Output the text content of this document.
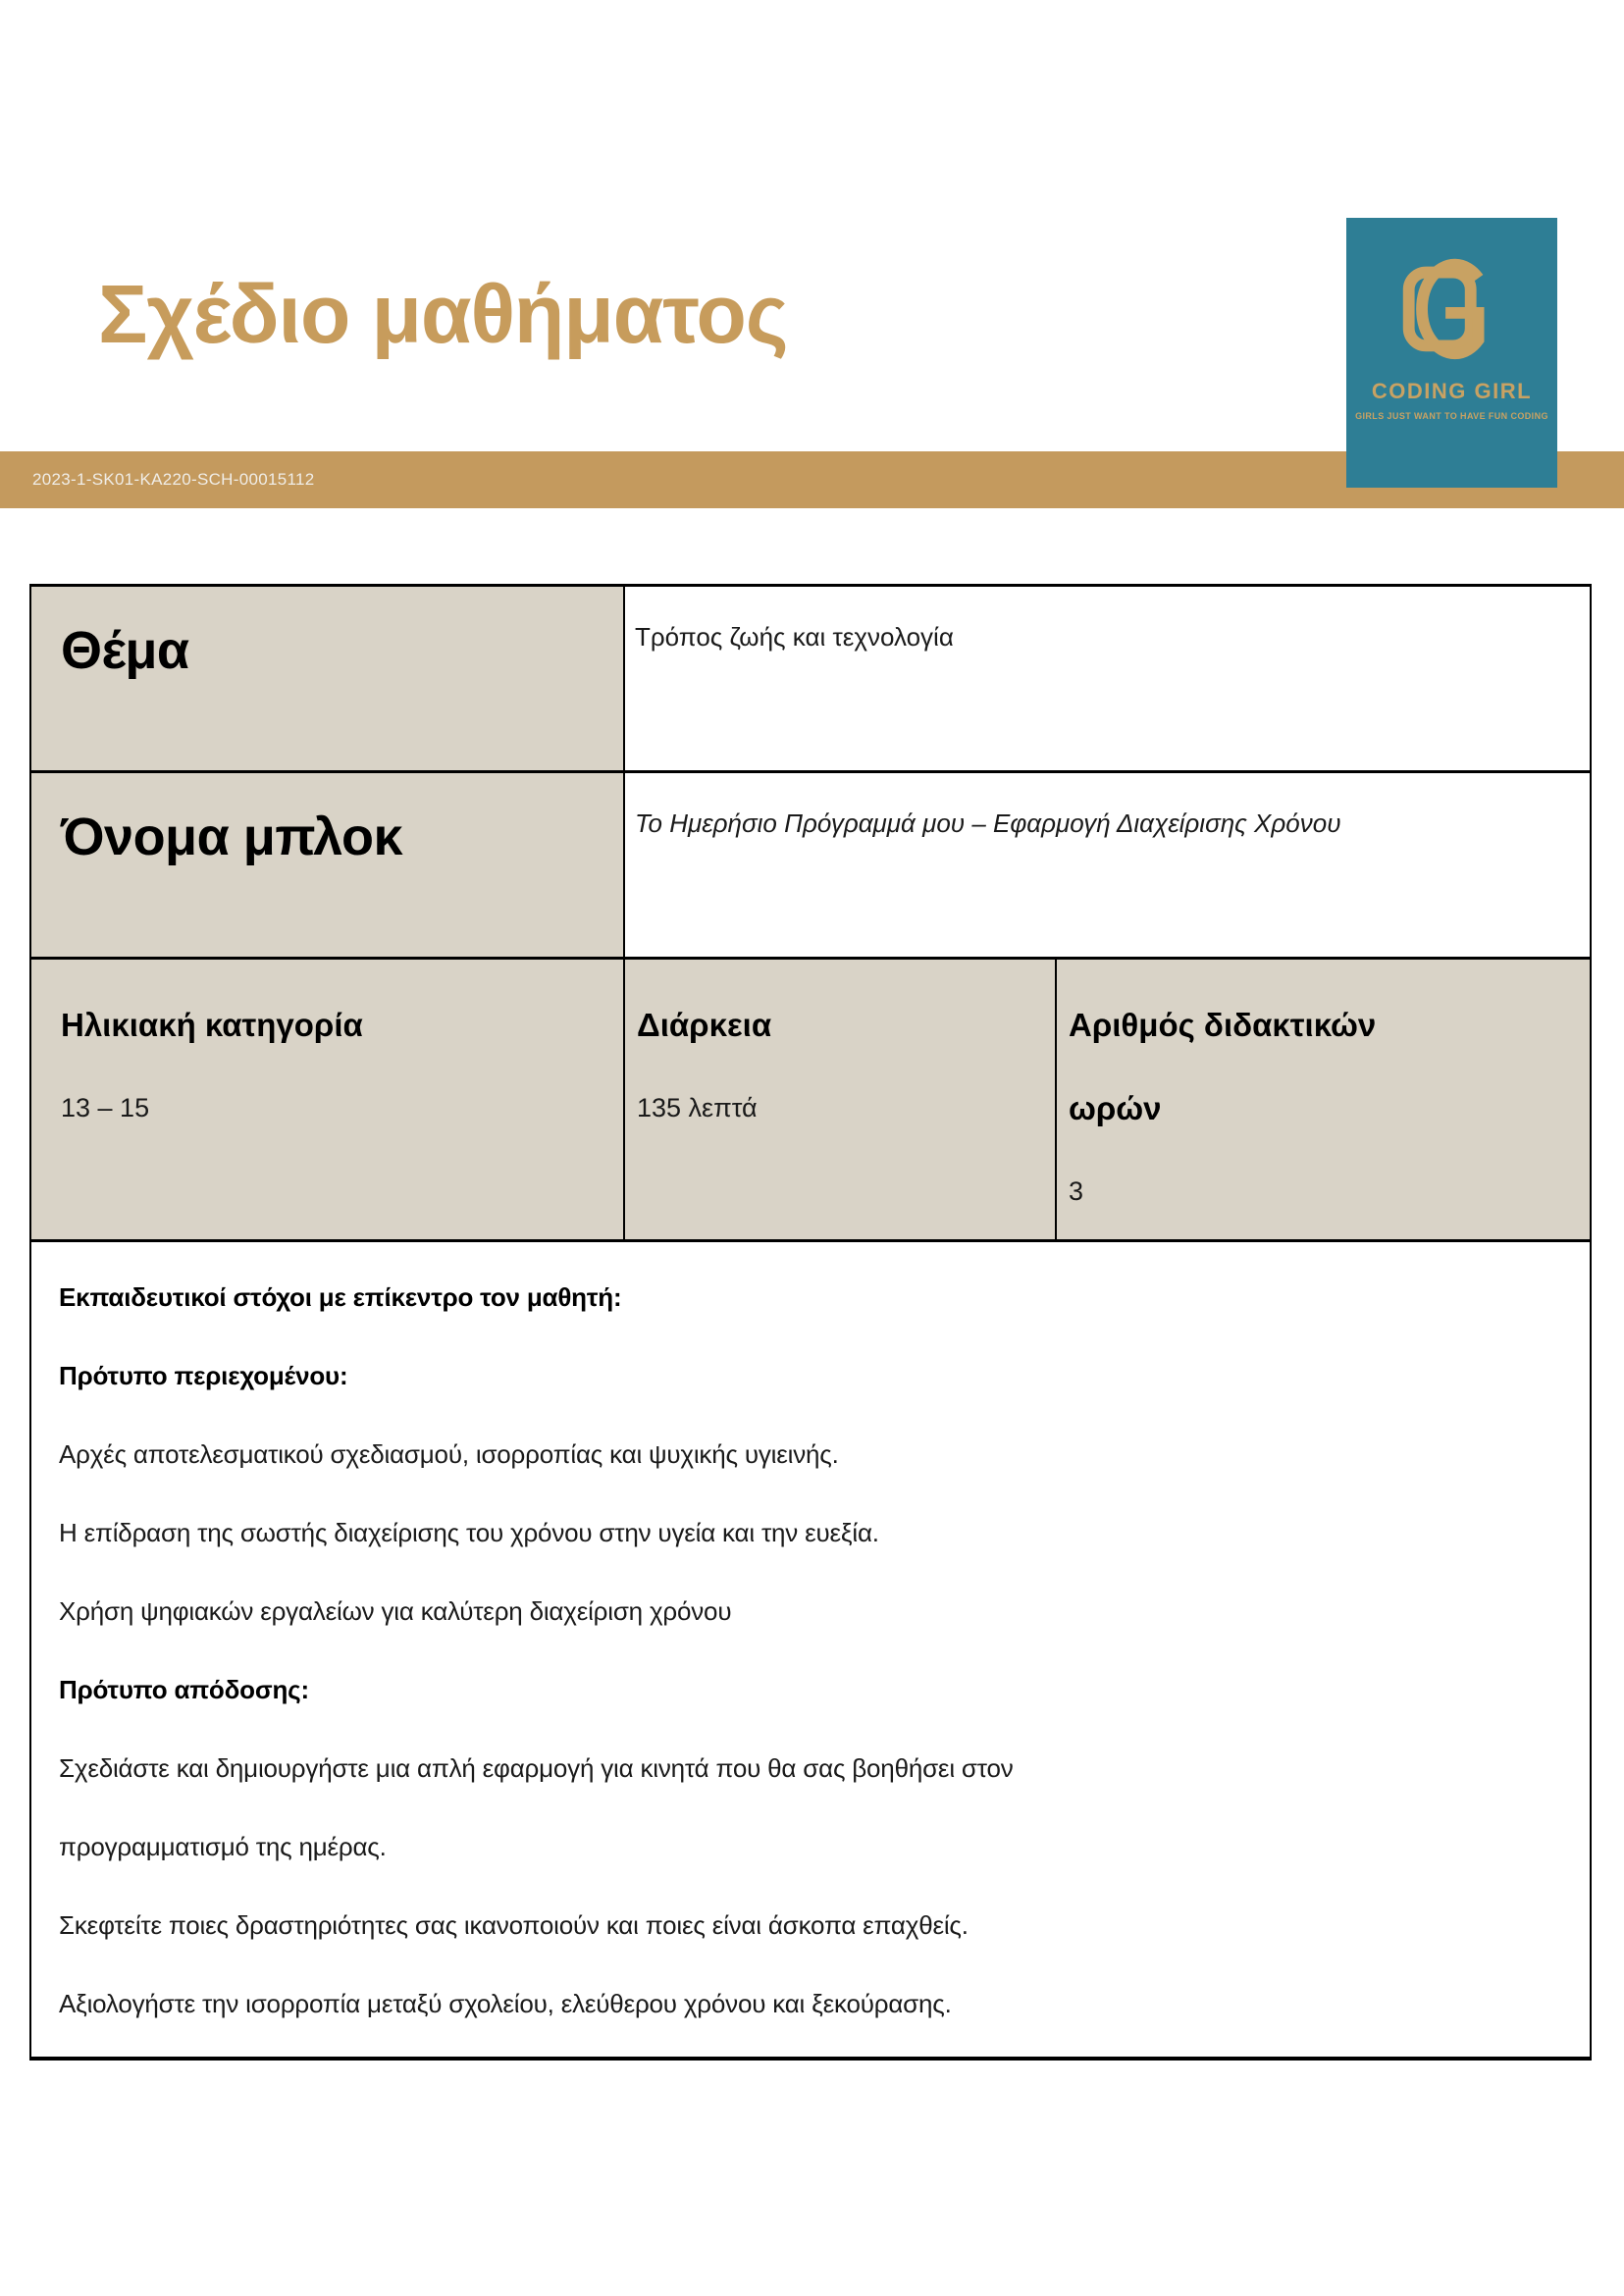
Σχέδιο μαθήματος
2023-1-SK01-KA220-SCH-00015112
CODING GIRL
GIRLS JUST WANT TO HAVE FUN CODING
Θέμα	Τρόπος ζωής και τεχνολογία
Όνομα μπλοκ	Το Ημερήσιο Πρόγραμμά μου – Εφαρμογή Διαχείρισης Χρόνου
Ηλικιακή κατηγορία
13 – 15
Διάρκεια
135 λεπτά
Αριθμός διδακτικών ωρών
3

Εκπαιδευτικοί στόχοι με επίκεντρο τον μαθητή:

Πρότυπο περιεχομένου:

Αρχές αποτελεσματικού σχεδιασμού, ισορροπίας και ψυχικής υγιεινής.

Η επίδραση της σωστής διαχείρισης του χρόνου στην υγεία και την ευεξία.

Χρήση ψηφιακών εργαλείων για καλύτερη διαχείριση χρόνου

Πρότυπο απόδοσης:

Σχεδιάστε και δημιουργήστε μια απλή εφαρμογή για κινητά που θα σας βοηθήσει στον προγραμματισμό της ημέρας.

Σκεφτείτε ποιες δραστηριότητες σας ικανοποιούν και ποιες είναι άσκοπα επαχθείς.

Αξιολογήστε την ισορροπία μεταξύ σχολείου, ελεύθερου χρόνου και ξεκούρασης.
